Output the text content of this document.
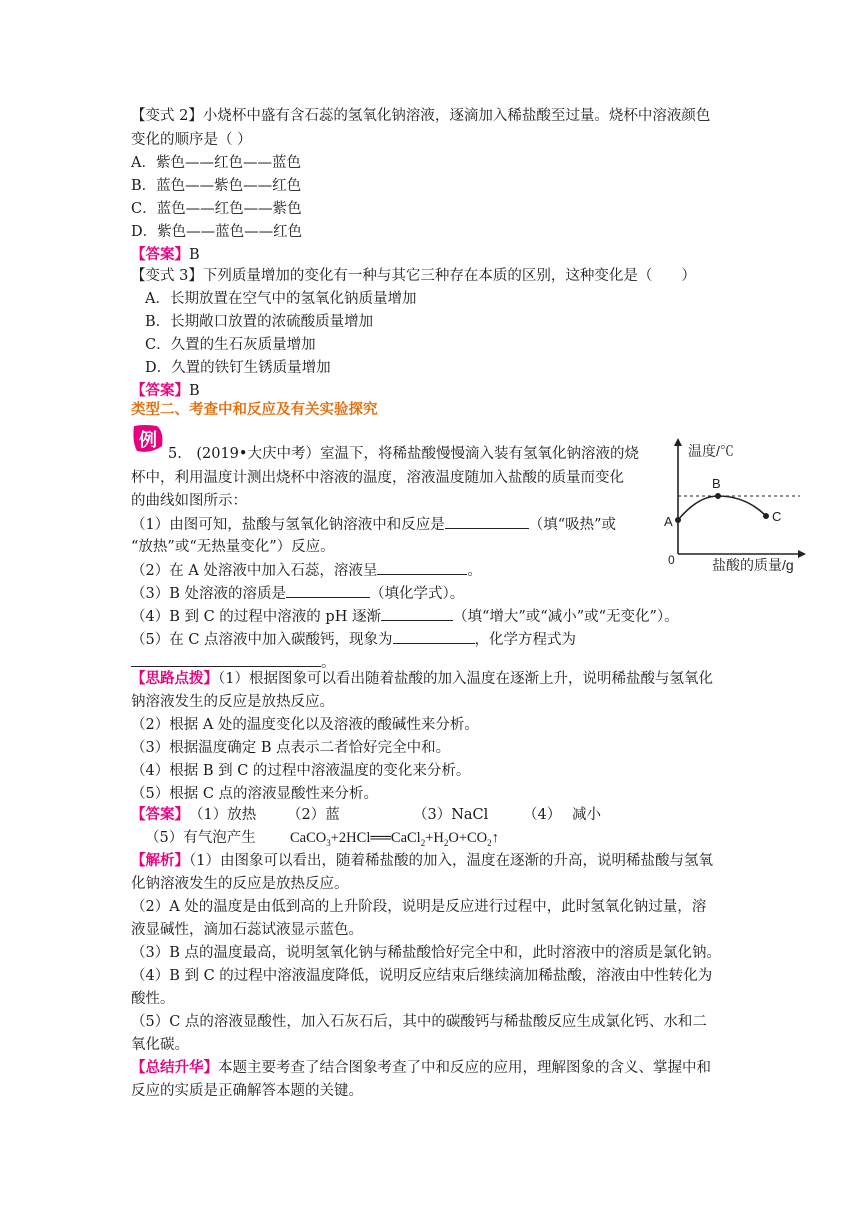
【变式 2】小烧杯中盛有含石蕊的氢氧化钠溶液，逐滴加入稀盐酸至过量。烧杯中溶液颜色
变化的顺序是（ ）
A．紫色——红色——蓝色
B．蓝色——紫色——红色
C．蓝色——红色——紫色
D．紫色——蓝色——红色
【答案】B
【变式 3】下列质量增加的变化有一种与其它三种存在本质的区别，这种变化是（　　）
A．长期放置在空气中的氢氧化钠质量增加
B．长期敞口放置的浓硫酸质量增加
C．久置的生石灰质量增加
D．久置的铁钉生锈质量增加
【答案】B
类型二、考查中和反应及有关实验探究
例
5.　(2019•大庆中考）室温下，将稀盐酸慢慢滴入装有氢氧化钠溶液的烧
杯中，利用温度计测出烧杯中溶液的温度，溶液温度随加入盐酸的质量而变化
的曲线如图所示：
（1）由图可知，盐酸与氢氧化钠溶液中和反应是	（填“吸热”或
“放热”或“无热量变化”）反应。
（2）在 A 处溶液中加入石蕊，溶液呈	。
（3）B 处溶液的溶质是	（填化学式）。
（4）B 到 C 的过程中溶液的 pH 逐渐	（填“增大”或“减小”或“无变化”）。
（5）在 C 点溶液中加入碳酸钙，现象为	，化学方程式为
。
温度/℃
盐酸的质量/g
0
A
B
C
【思路点拨】（1）根据图象可以看出随着盐酸的加入温度在逐渐上升，说明稀盐酸与氢氧化
钠溶液发生的反应是放热反应。
（2）根据 A 处的温度变化以及溶液的酸碱性来分析。
（3）根据温度确定 B 点表示二者恰好完全中和。
（4）根据 B 到 C 的过程中溶液温度的变化来分析。
（5）根据 C 点的溶液显酸性来分析。
【答案】 （1）放热 （2）蓝	（3）NaCl （4） 减小
（5）有气泡产生 $CaCO_3+2HCl══CaCl_2+H_2O+CO_2↑$
【解析】（1）由图象可以看出，随着稀盐酸的加入，温度在逐渐的升高，说明稀盐酸与氢氧
化钠溶液发生的反应是放热反应。
（2）A 处的温度是由低到高的上升阶段，说明是反应进行过程中，此时氢氧化钠过量，溶
液显碱性，滴加石蕊试液显示蓝色。
（3）B 点的温度最高，说明氢氧化钠与稀盐酸恰好完全中和，此时溶液中的溶质是氯化钠。
（4）B 到 C 的过程中溶液温度降低，说明反应结束后继续滴加稀盐酸，溶液由中性转化为
酸性。
（5）C 点的溶液显酸性，加入石灰石后，其中的碳酸钙与稀盐酸反应生成氯化钙、水和二
氧化碳。
【总结升华】本题主要考查了结合图象考查了中和反应的应用，理解图象的含义、掌握中和
反应的实质是正确解答本题的关键。
